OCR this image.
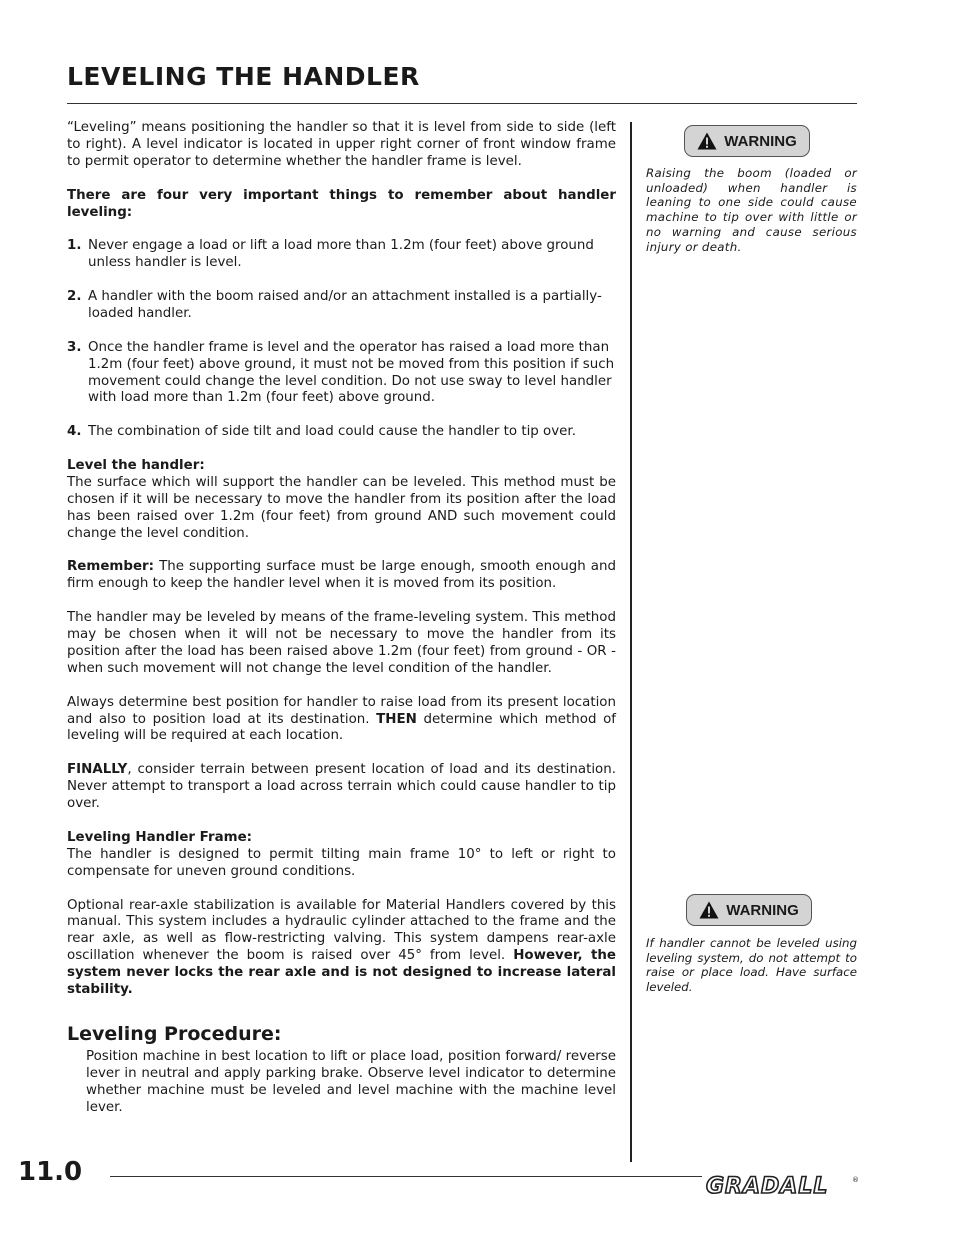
LEVELING THE HANDLER

“Leveling” means positioning the handler so that it is level from side to side (left to right). A level indicator is located in upper right corner of front window frame to permit operator to determine whether the handler frame is level.

There are four very important things to remember about handler leveling:

1. Never engage a load or lift a load more than 1.2m (four feet) above ground unless handler is level.
2. A handler with the boom raised and/or an attachment installed is a partially-loaded handler.
3. Once the handler frame is level and the operator has raised a load more than 1.2m (four feet) above ground, it must not be moved from this position if such movement could change the level condition. Do not use sway to level handler with load more than 1.2m (four feet) above ground.
4. The combination of side tilt and load could cause the handler to tip over.

Level the handler:
The surface which will support the handler can be leveled. This method must be chosen if it will be necessary to move the handler from its position after the load has been raised over 1.2m (four feet) from ground AND such movement could change the level condition.

Remember: The supporting surface must be large enough, smooth enough and firm enough to keep the handler level when it is moved from its position.

The handler may be leveled by means of the frame-leveling system. This method may be chosen when it will not be necessary to move the handler from its position after the load has been raised above 1.2m (four feet) from ground - OR - when such movement will not change the level condition of the handler.

Always determine best position for handler to raise load from its present location and also to position load at its destination. THEN determine which method of leveling will be required at each location.

FINALLY, consider terrain between present location of load and its destination. Never attempt to transport a load across terrain which could cause handler to tip over.

Leveling Handler Frame:
The handler is designed to permit tilting main frame 10° to left or right to compensate for uneven ground conditions.

Optional rear-axle stabilization is available for Material Handlers covered by this manual. This system includes a hydraulic cylinder attached to the frame and the rear axle, as well as flow-restricting valving. This system dampens rear-axle oscillation whenever the boom is raised over 45° from level. However, the system never locks the rear axle and is not designed to increase lateral stability.

Leveling Procedure:

Position machine in best location to lift or place load, position forward/ reverse lever in neutral and apply parking brake. Observe level indicator to determine whether machine must be leveled and level machine with the machine level lever.

WARNING
Raising the boom (loaded or unloaded) when handler is leaning to one side could cause machine to tip over with little or no warning and cause serious injury or death.
WARNING
If handler cannot be leveled using leveling system, do not attempt to raise or place load. Have surface leveled.
11.0	GRADALL	®
